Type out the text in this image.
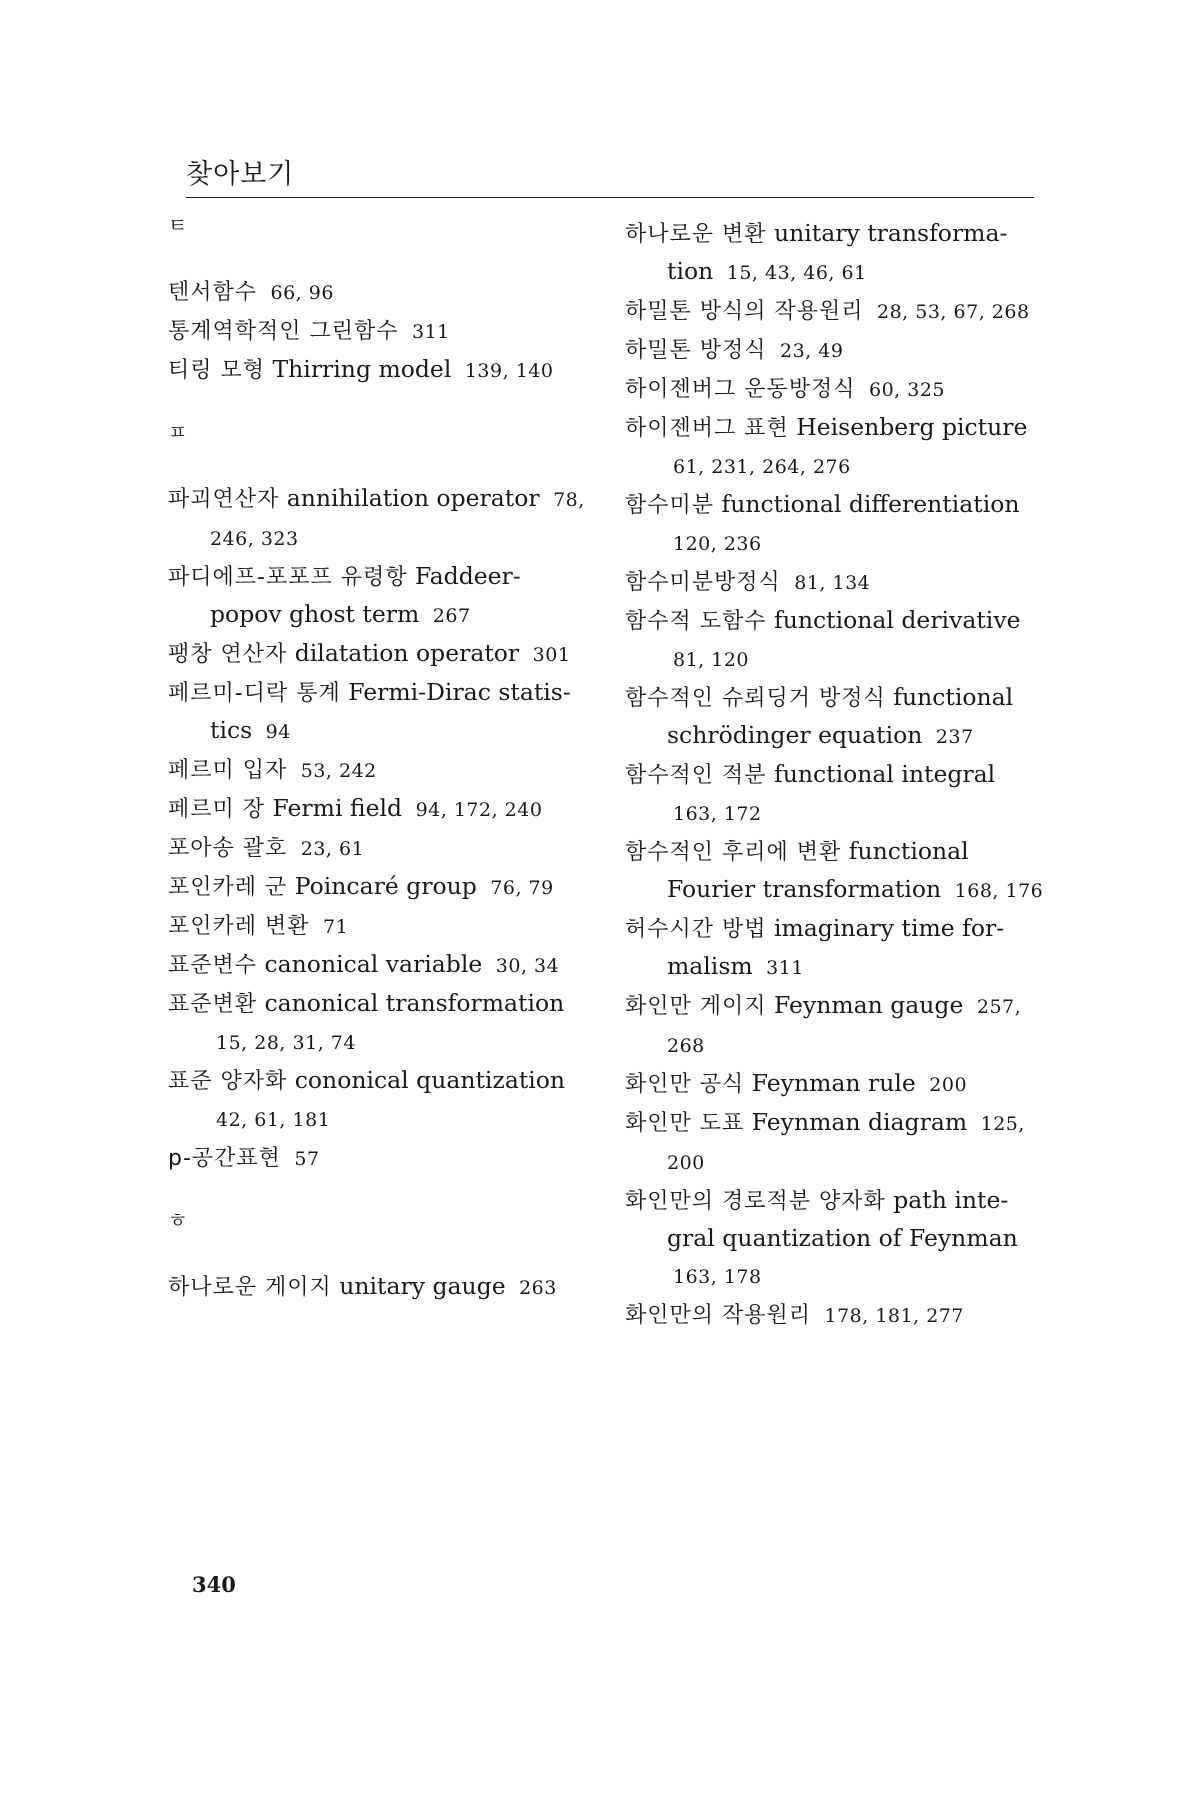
찾아보기
ㅌ
텐서함수 66, 96
통계역학적인 그린함수 311
티링 모형 Thirring model 139, 140
ㅍ
파괴연산자 annihilation operator 78, 246, 323
파디에프-포포프 유령항 Faddeer-popov ghost term 267
팽창 연산자 dilatation operator 301
페르미-디락 통계 Fermi-Dirac statis-tics 94
페르미 입자 53, 242
페르미 장 Fermi field 94, 172, 240
포아송 괄호 23, 61
포인카레 군 Poincaré group 76, 79
포인카레 변환 71
표준변수 canonical variable 30, 34
표준변환 canonical transformation 15, 28, 31, 74
표준 양자화 cononical quantization 42, 61, 181
p-공간표현 57
ㅎ
하나로운 게이지 unitary gauge 263
하나로운 변환 unitary transforma-tion 15, 43, 46, 61
하밀톤 방식의 작용원리 28, 53, 67, 268
하밀톤 방정식 23, 49
하이젠버그 운동방정식 60, 325
하이젠버그 표현 Heisenberg picture 61, 231, 264, 276
함수미분 functional differentiation 120, 236
함수미분방정식 81, 134
함수적 도함수 functional derivative 81, 120
함수적인 슈뢰딩거 방정식 functional schrödinger equation 237
함수적인 적분 functional integral 163, 172
함수적인 후리에 변환 functional Fourier transformation 168, 176
허수시간 방법 imaginary time for-malism 311
화인만 게이지 Feynman gauge 257, 268
화인만 공식 Feynman rule 200
화인만 도표 Feynman diagram 125, 200
화인만의 경로적분 양자화 path inte-gral quantization of Feynman 163, 178
화인만의 작용원리 178, 181, 277
340
